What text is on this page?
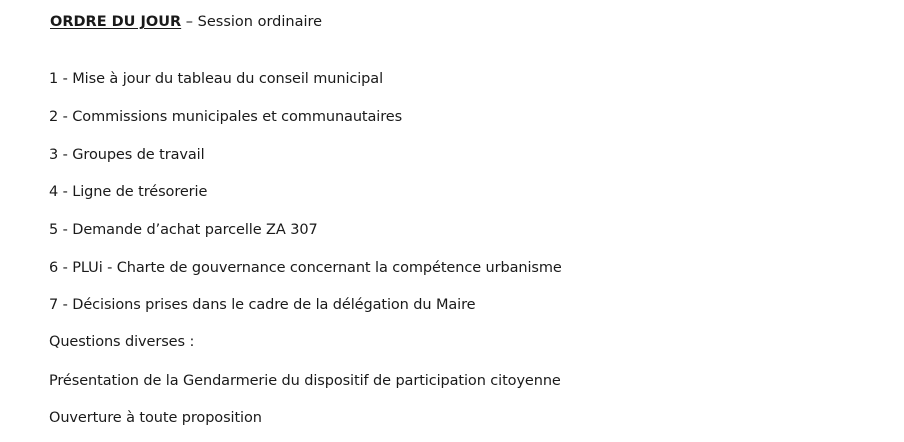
ORDRE DU JOUR – Session ordinaire
1 - Mise à jour du tableau du conseil municipal
2 - Commissions municipales et communautaires
3 - Groupes de travail
4 - Ligne de trésorerie
5 - Demande d’achat parcelle ZA 307
6 - PLUi - Charte de gouvernance concernant la compétence urbanisme
7 - Décisions prises dans le cadre de la délégation du Maire
Questions diverses :
Présentation de la Gendarmerie du dispositif de participation citoyenne
Ouverture à toute proposition
